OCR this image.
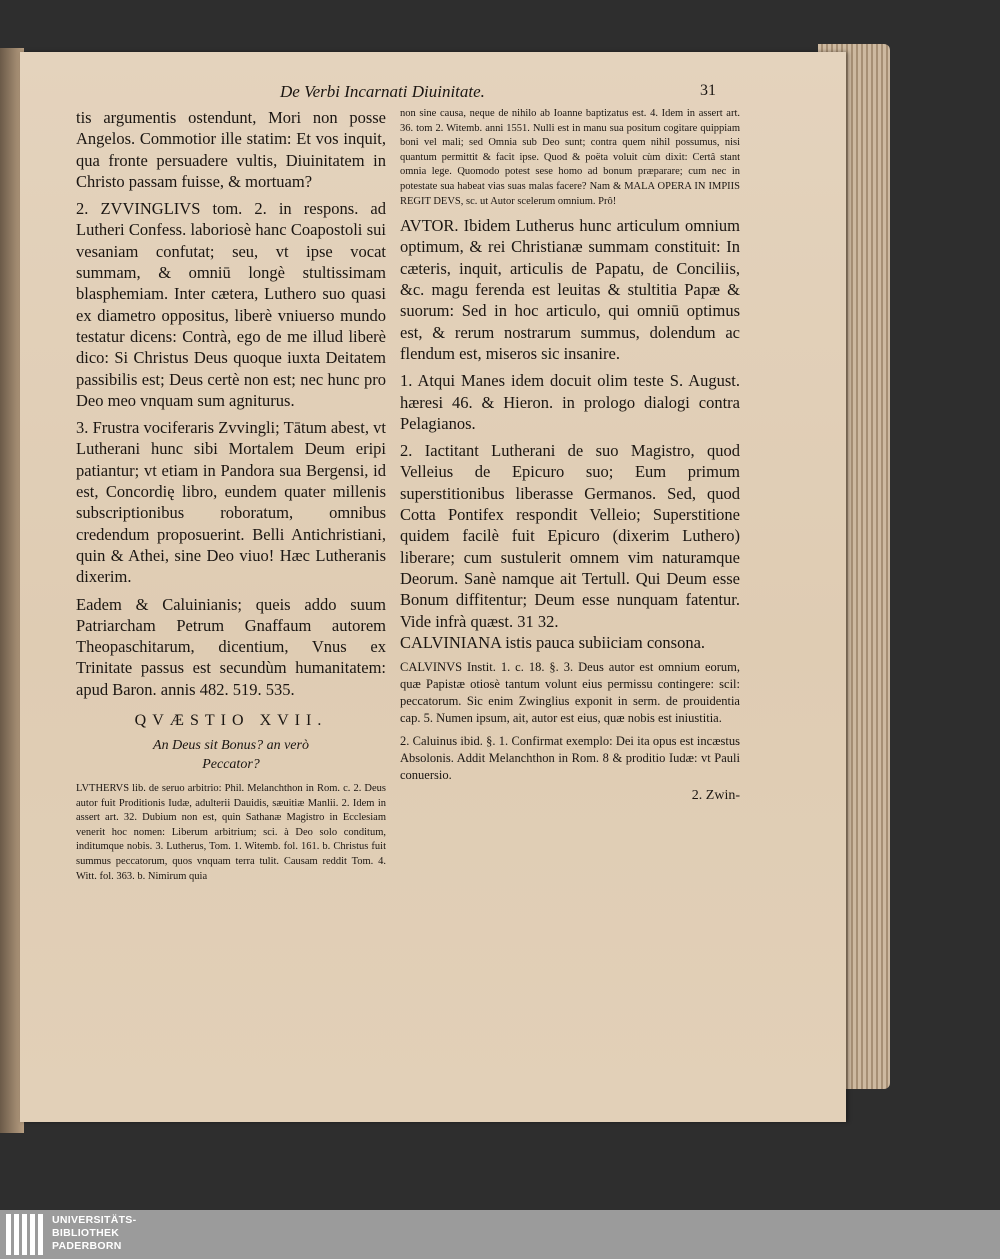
De Verbi Incarnati Diuinitate.	31

tis argumentis ostendunt, Mori non posse Angelos. Commotior ille statim: Et vos inquit, qua fronte persuadere vultis, Diuinitatem in Christo passam fuisse, & mortuam?

2. ZVVINGLIVS tom. 2. in respons. ad Lutheri Confess. laboriosè hanc Coapostoli sui vesaniam confutat; seu, vt ipse vocat summam, & omniū longè stultissimam blasphemiam. Inter cætera, Luthero suo quasi ex diametro oppositus, liberè vniuerso mundo testatur dicens: Contrà, ego de me illud liberè dico: Si Christus Deus quoque iuxta Deitatem passibilis est; Deus certè non est; nec hunc pro Deo meo vnquam sum agniturus.

3. Frustra vociferaris Zvvingli; Tātum abest, vt Lutherani hunc sibi Mortalem Deum eripi patiantur; vt etiam in Pandora sua Bergensi, id est, Concordię libro, eundem quater millenis subscriptionibus roboratum, omnibus credendum proposuerint. Belli Antichristiani, quin & Athei, sine Deo viuo! Hæc Lutheranis dixerim.

Eadem & Caluinianis; queis addo suum Patriarcham Petrum Gnaffaum autorem Theopaschitarum, dicentium, Vnus ex Trinitate passus est secundùm humanitatem: apud Baron. annis 482. 519. 535.

QVÆSTIO XVII.
An Deus sit Bonus? an verò
Peccator?

LVTHERVS lib. de seruo arbitrio: Phil. Melanchthon in Rom. c. 2. Deus autor fuit Proditionis Iudæ, adulterii Dauidis, sæuitiæ Manlii. 2. Idem in assert art. 32. Dubium non est, quin Sathanæ Magistro in Ecclesiam venerit hoc nomen: Liberum arbitrium; sci. à Deo solo conditum, inditumque nobis. 3. Lutherus, Tom. 1. Witemb. fol. 161. b. Christus fuit summus peccatorum, quos vnquam terra tulit. Causam reddit Tom. 4. Witt. fol. 363. b. Nimirum quia

non sine causa, neque de nihilo ab Ioanne baptizatus est. 4. Idem in assert art. 36. tom 2. Witemb. anni 1551. Nulli est in manu sua positum cogitare quippiam boni vel mali; sed Omnia sub Deo sunt; contra quem nihil possumus, nisi quantum permittit & facit ipse. Quod & poëta voluit cùm dixit: Certâ stant omnia lege. Quomodo potest sese homo ad bonum præparare; cum nec in potestate sua habeat vias suas malas facere? Nam & MALA OPERA IN IMPIIS REGIT DEVS, sc. ut Autor scelerum omnium. Prô!

AVTOR. Ibidem Lutherus hunc articulum omnium optimum, & rei Christianæ summam constituit: In cæteris, inquit, articulis de Papatu, de Conciliis, &c. magu ferenda est leuitas & stultitia Papæ & suorum: Sed in hoc articulo, qui omniū optimus est, & rerum nostrarum summus, dolendum ac flendum est, miseros sic insanire.

1. Atqui Manes idem docuit olim teste S. August. hæresi 46. & Hieron. in prologo dialogi contra Pelagianos.

2. Iactitant Lutherani de suo Magistro, quod Velleius de Epicuro suo; Eum primum superstitionibus liberasse Germanos. Sed, quod Cotta Pontifex respondit Velleio; Superstitione quidem facilè fuit Epicuro (dixerim Luthero) liberare; cum sustulerit omnem vim naturamque Deorum. Sanè namque ait Tertull. Qui Deum esse Bonum diffitentur; Deum esse nunquam fatentur. Vide infrà quæst. 31 32.

CALVINIANA istis pauca subiiciam consona.

CALVINVS Instit. 1. c. 18. §. 3. Deus autor est omnium eorum, quæ Papistæ otiosè tantum volunt eius permissu contingere: scil: peccatorum. Sic enim Zwinglius exponit in serm. de prouidentia cap. 5. Numen ipsum, ait, autor est eius, quæ nobis est iniustitia.

2. Caluinus ibid. §. 1. Confirmat exemplo: Dei ita opus est incæstus Absolonis. Addit Melanchthon in Rom. 8 & proditio Iudæ: vt Pauli conuersio.

2. Zwin-
UNIVERSITÄTS-
BIBLIOTHEK
PADERBORN
